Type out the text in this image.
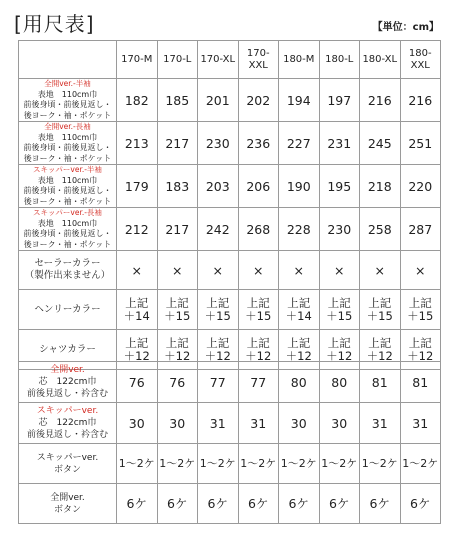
[用尺表]	【単位：cm】
	170-M	170-L	170-XL	170-XXL	180-M	180-L	180-XL	180-XXL

全開ver.-半袖
表地　110cm巾
前後身頃・前後見返し・
後ヨーク・袖・ポケット	182	185	201	202	194	197	216	216

全開ver.-長袖
表地　110cm巾
前後身頃・前後見返し・
後ヨーク・袖・ポケット	213	217	230	236	227	231	245	251

スキッパーver.-半袖
表地　110cm巾
前後身頃・前後見返し・
後ヨーク・袖・ポケット	179	183	203	206	190	195	218	220

スキッパーver.-長袖
表地　110cm巾
前後身頃・前後見返し・
後ヨーク・袖・ポケット	212	217	242	268	228	230	258	287

セーラーカラー
（製作出来ません）	×	×	×	×	×	×	×	×

ヘンリーカラー	上記＋14	上記＋15	上記＋15	上記＋15	上記＋14	上記＋15	上記＋15	上記＋15

シャツカラー	上記＋12	上記＋12	上記＋12	上記＋12	上記＋12	上記＋12	上記＋12	上記＋12
全開ver.
芯　122cm巾
前後見返し・衿含む	76	76	77	77	80	80	81	81

スキッパーver.
芯　122cm巾
前後見返し・衿含む	30	30	31	31	30	30	31	31

スキッパーver.
ボタン	1～2ケ	1～2ケ	1～2ケ	1～2ケ	1～2ケ	1～2ケ	1～2ケ	1～2ケ

全開ver.
ボタン	6ケ	6ケ	6ケ	6ケ	6ケ	6ケ	6ケ	6ケ
